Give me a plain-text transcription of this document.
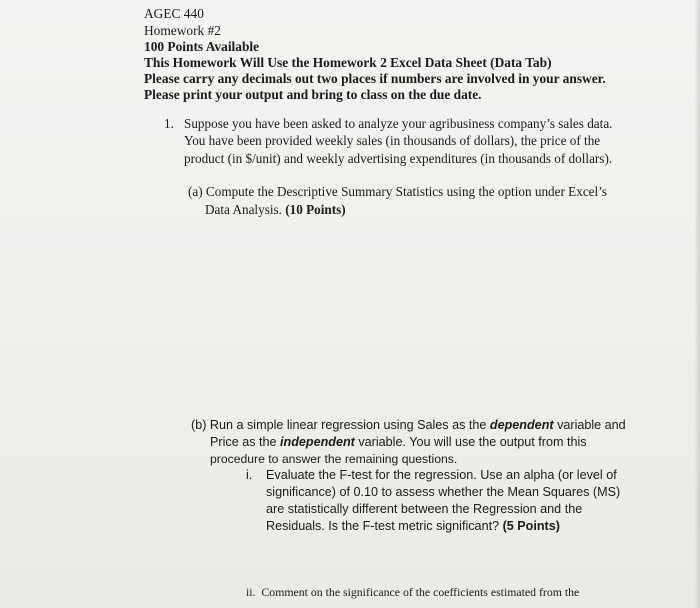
AGEC 440
Homework #2
100 Points Available
This Homework Will Use the Homework 2 Excel Data Sheet (Data Tab)
Please carry any decimals out two places if numbers are involved in your answer.
Please print your output and bring to class on the due date.
1. Suppose you have been asked to analyze your agribusiness company’s sales data.
You have been provided weekly sales (in thousands of dollars), the price of the
product (in $/unit) and weekly advertising expenditures (in thousands of dollars).
(a) Compute the Descriptive Summary Statistics using the option under Excel’s
Data Analysis. (10 Points)
(b) Run a simple linear regression using Sales as the dependent variable and
Price as the independent variable. You will use the output from this
procedure to answer the remaining questions.
i. Evaluate the F-test for the regression. Use an alpha (or level of
significance) of 0.10 to assess whether the Mean Squares (MS)
are statistically different between the Regression and the
Residuals. Is the F-test metric significant? (5 Points)
ii. Comment on the significance of the coefficients estimated from the
